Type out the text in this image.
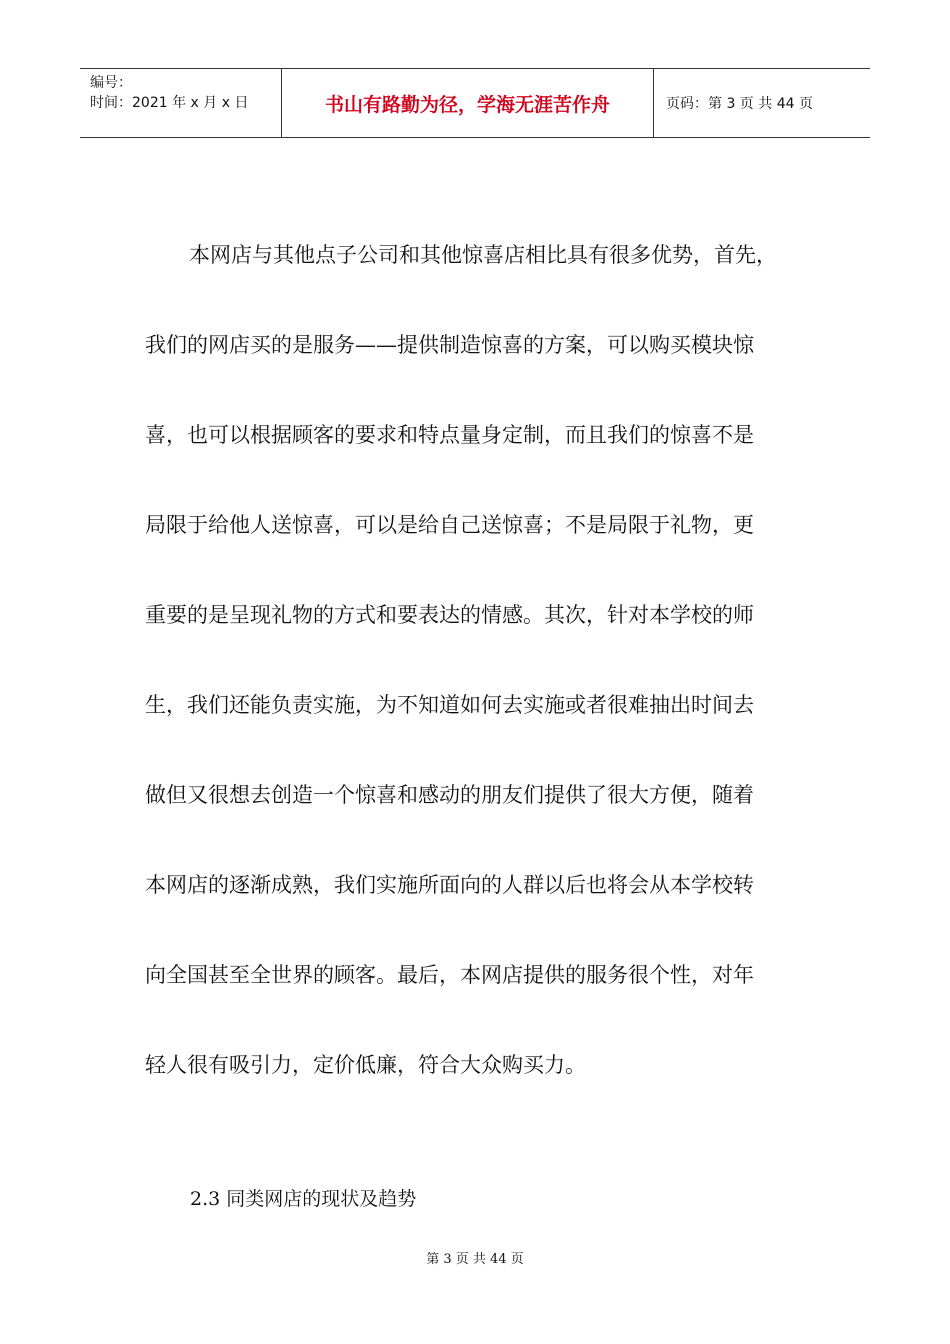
编号：
时间：2021 年 x 月 x 日	书山有路勤为径，学海无涯苦作舟	页码：第 3 页 共 44 页
本网店与其他点子公司和其他惊喜店相比具有很多优势，首先，
我们的网店买的是服务——提供制造惊喜的方案，可以购买模块惊
喜，也可以根据顾客的要求和特点量身定制，而且我们的惊喜不是
局限于给他人送惊喜，可以是给自己送惊喜；不是局限于礼物，更
重要的是呈现礼物的方式和要表达的情感。其次，针对本学校的师
生，我们还能负责实施，为不知道如何去实施或者很难抽出时间去
做但又很想去创造一个惊喜和感动的朋友们提供了很大方便，随着
本网店的逐渐成熟，我们实施所面向的人群以后也将会从本学校转
向全国甚至全世界的顾客。最后，本网店提供的服务很个性，对年
轻人很有吸引力，定价低廉，符合大众购买力。
2.3 同类网店的现状及趋势
第 3 页 共 44 页
